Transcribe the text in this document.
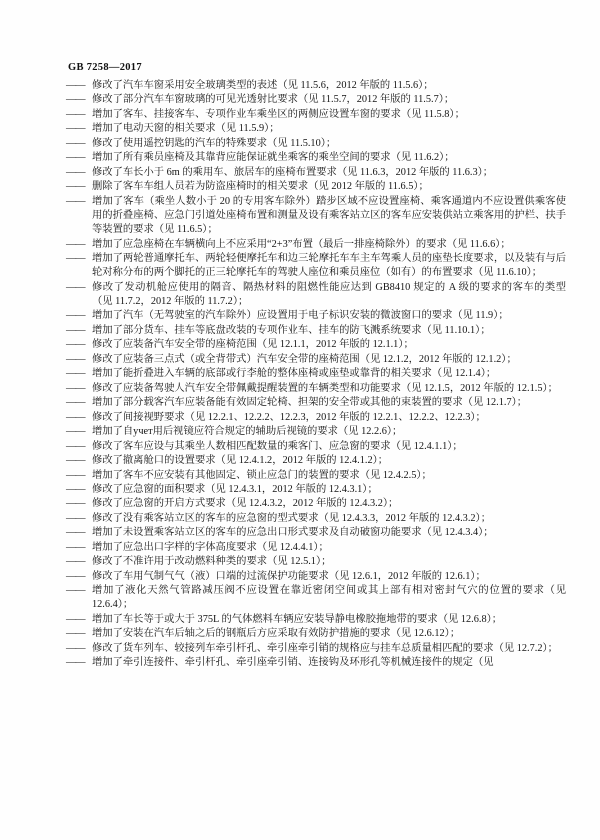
GB 7258—2017
—— 修改了汽车车窗采用安全玻璃类型的表述（见 11.5.6，2012 年版的 11.5.6）；
—— 修改了部分汽车车窗玻璃的可见光透射比要求（见 11.5.7，2012 年版的 11.5.7）；
—— 增加了客车、挂接客车、专项作业车乘坐区的两侧应设置车窗的要求（见 11.5.8）；
—— 增加了电动天窗的相关要求（见 11.5.9）；
—— 修改了使用遥控钥匙的汽车的特殊要求（见 11.5.10）；
—— 增加了所有乘员座椅及其靠背应能保证就坐乘客的乘坐空间的要求（见 11.6.2）；
—— 修改了车长小于 6m 的乘用车、旅居车的座椅布置要求（见 11.6.3，2012 年版的 11.6.3）；
—— 删除了客车车组人员若为防盗座椅时的相关要求（见 2012 年版的 11.6.5）；
—— 增加了客车（乘坐人数小于 20 的专用客车除外）踏步区域不应设置座椅、乘客通道内不应设置供乘客使用的折叠座椅、应急门引道处座椅布置和测量及设有乘客站立区的客车应安装供站立乘客用的护栏、扶手等装置的要求（见 11.6.5）；
—— 增加了应急座椅在车辆横向上不应采用“2+3”布置（最后一排座椅除外）的要求（见 11.6.6）；
—— 增加了两轮普通摩托车、两轮轻便摩托车和边三轮摩托车车主车驾乘人员的座垫长度要求，以及装有与后轮对称分布的两个脚托的正三轮摩托车的驾驶人座位和乘员座位（如有）的布置要求（见 11.6.10）；
—— 修改了发动机舱应使用的隔音、隔热材料的阻燃性能应达到 GB8410 规定的 A 级的要求的客车的类型（见 11.7.2，2012 年版的 11.7.2）；
—— 增加了汽车（无驾驶室的汽车除外）应设置用于电子标识安装的微波窗口的要求（见 11.9）；
—— 增加了部分货车、挂车等底盘改装的专项作业车、挂车的防飞溅系统要求（见 11.10.1）；
—— 修改了应装备汽车安全带的座椅范围（见 12.1.1，2012 年版的 12.1.1）；
—— 修改了应装备三点式（或全背带式）汽车安全带的座椅范围（见 12.1.2，2012 年版的 12.1.2）；
—— 增加了能折叠进入车辆的底部或行李舱的整体座椅或座垫或靠背的相关要求（见 12.1.4）；
—— 修改了应装备驾驶人汽车安全带佩戴提醒装置的车辆类型和功能要求（见 12.1.5，2012 年版的 12.1.5）；
—— 增加了部分载客汽车应装备能有效固定轮椅、担架的安全带或其他的束装置的要求（见 12.1.7）；
—— 修改了间接视野要求（见 12.2.1、12.2.2、12.2.3，2012 年版的 12.2.1、12.2.2、12.2.3）；
—— 增加了自учет用后视镜应符合规定的辅助后视镜的要求（见 12.2.6）；
—— 修改了客车应设与其乘坐人数相匹配数量的乘客门、应急窗的要求（见 12.4.1.1）；
—— 修改了撤离舱口的设置要求（见 12.4.1.2，2012 年版的 12.4.1.2）；
—— 增加了客车不应安装有其他固定、锁止应急门的装置的要求（见 12.4.2.5）；
—— 修改了应急窗的面积要求（见 12.4.3.1，2012 年版的 12.4.3.1）；
—— 修改了应急窗的开启方式要求（见 12.4.3.2，2012 年版的 12.4.3.2）；
—— 修改了没有乘客站立区的客车的应急窗的型式要求（见 12.4.3.3，2012 年版的 12.4.3.2）；
—— 增加了未设置乘客站立区的客车的应急出口形式要求及自动破窗功能要求（见 12.4.3.4）；
—— 增加了应急出口字样的字体高度要求（见 12.4.4.1）；
—— 修改了不准许用于改动燃料种类的要求（见 12.5.1）；
—— 修改了车用气制气气（液）口端的过流保护功能要求（见 12.6.1，2012 年版的 12.6.1）；
—— 增加了液化天然气管路减压阀不应设置在靠近密闭空间或其上部有相对密封气穴的位置的要求（见 12.6.4）；
—— 增加了车长等于或大于 375L 的气体燃料车辆应安装导静电橡胶拖地带的要求（见 12.6.8）；
—— 增加了安装在汽车后轴之后的钢瓶后方应采取有效防护措施的要求（见 12.6.12）；
—— 修改了货车列车、较接列车牵引杆孔、牵引座牵引销的规格应与挂车总质量相匹配的要求（见 12.7.2）；
—— 增加了牵引连接件、牵引杆孔、牵引座牵引销、连接钩及环形孔等机械连接件的规定（见
